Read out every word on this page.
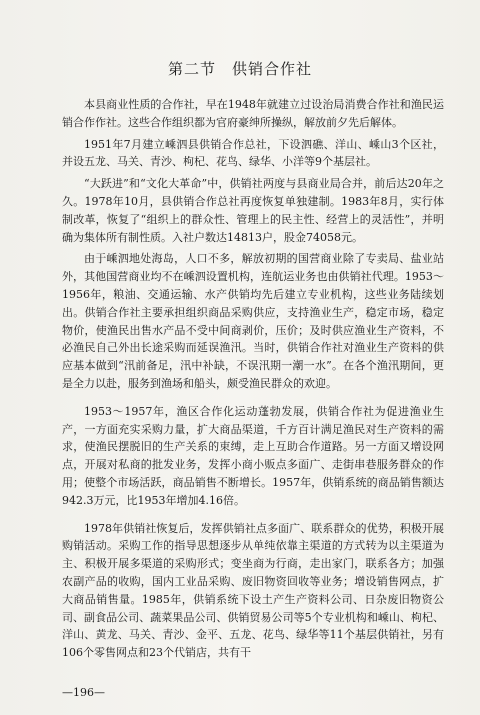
第二节　供销合作社

本县商业性质的合作社，早在1948年就建立过设治局消费合作社和渔民运销合作作社。这些合作组织都为官府豪绅所操纵，解放前夕先后解体。

1951年7月建立嵊泗县供销合作总社，下设泗礁、洋山、嵊山3个区社，并设五龙、马关、青沙、枸杞、花鸟、绿华、小洋等9个基层社。

“大跃进”和“文化大革命”中，供销社两度与县商业局合并，前后达20年之久。1978年10月，县供销合作总社再度恢复单独建制。1983年8月，实行体制改革，恢复了“组织上的群众性、管理上的民主性、经营上的灵活性”，并明确为集体所有制性质。入社户数达14813户，股金74058元。

由于嵊泗地处海岛，人口不多，解放初期的国营商业除了专卖局、盐业站外，其他国营商业均不在嵊泗设置机构，连航运业务也由供销社代理。1953～1956年，粮油、交通运输、水产供销均先后建立专业机构，这些业务陆续划出。供销合作社主要承担组织商品采购供应，支持渔业生产，稳定市场，稳定物价，使渔民出售水产品不受中间商剥价，压价；及时供应渔业生产资料，不必渔民自己外出长途采购而延误渔汛。当时，供销合作社对渔业生产资料的供应基本做到“汛前备足，汛中补缺，不误汛期一潮一水”。在各个渔汛期间，更是全力以赴，服务到渔场和船头，颇受渔民群众的欢迎。

1953～1957年，渔区合作化运动蓬勃发展，供销合作社为促进渔业生产，一方面充实采购力量，扩大商品渠道，千方百计满足渔民对生产资料的需求，使渔民摆脱旧的生产关系的束缚，走上互助合作道路。另一方面又增设网点，开展对私商的批发业务，发挥小商小贩点多面广、走街串巷服务群众的作用；使整个市场活跃，商品销售不断增长。1957年，供销系统的商品销售额达942.3万元，比1953年增加4.16倍。

1978年供销社恢复后，发挥供销社点多面广、联系群众的优势，积极开展购销活动。采购工作的指导思想逐步从单纯依靠主渠道的方式转为以主渠道为主、积极开展多渠道的采购形式；变坐商为行商，走出家门，联系各方；加强农副产品的收购，国内工业品采购、废旧物资回收等业务；增设销售网点，扩大商品销售量。1985年，供销系统下设土产生产资料公司、日杂废旧物资公司、副食品公司、蔬菜果品公司、供销贸易公司等5个专业机构和嵊山、枸杞、洋山、黄龙、马关、青沙、金平、五龙、花鸟、绿华等11个基层供销社，另有106个零售网点和23个代销店，共有干

—196—
